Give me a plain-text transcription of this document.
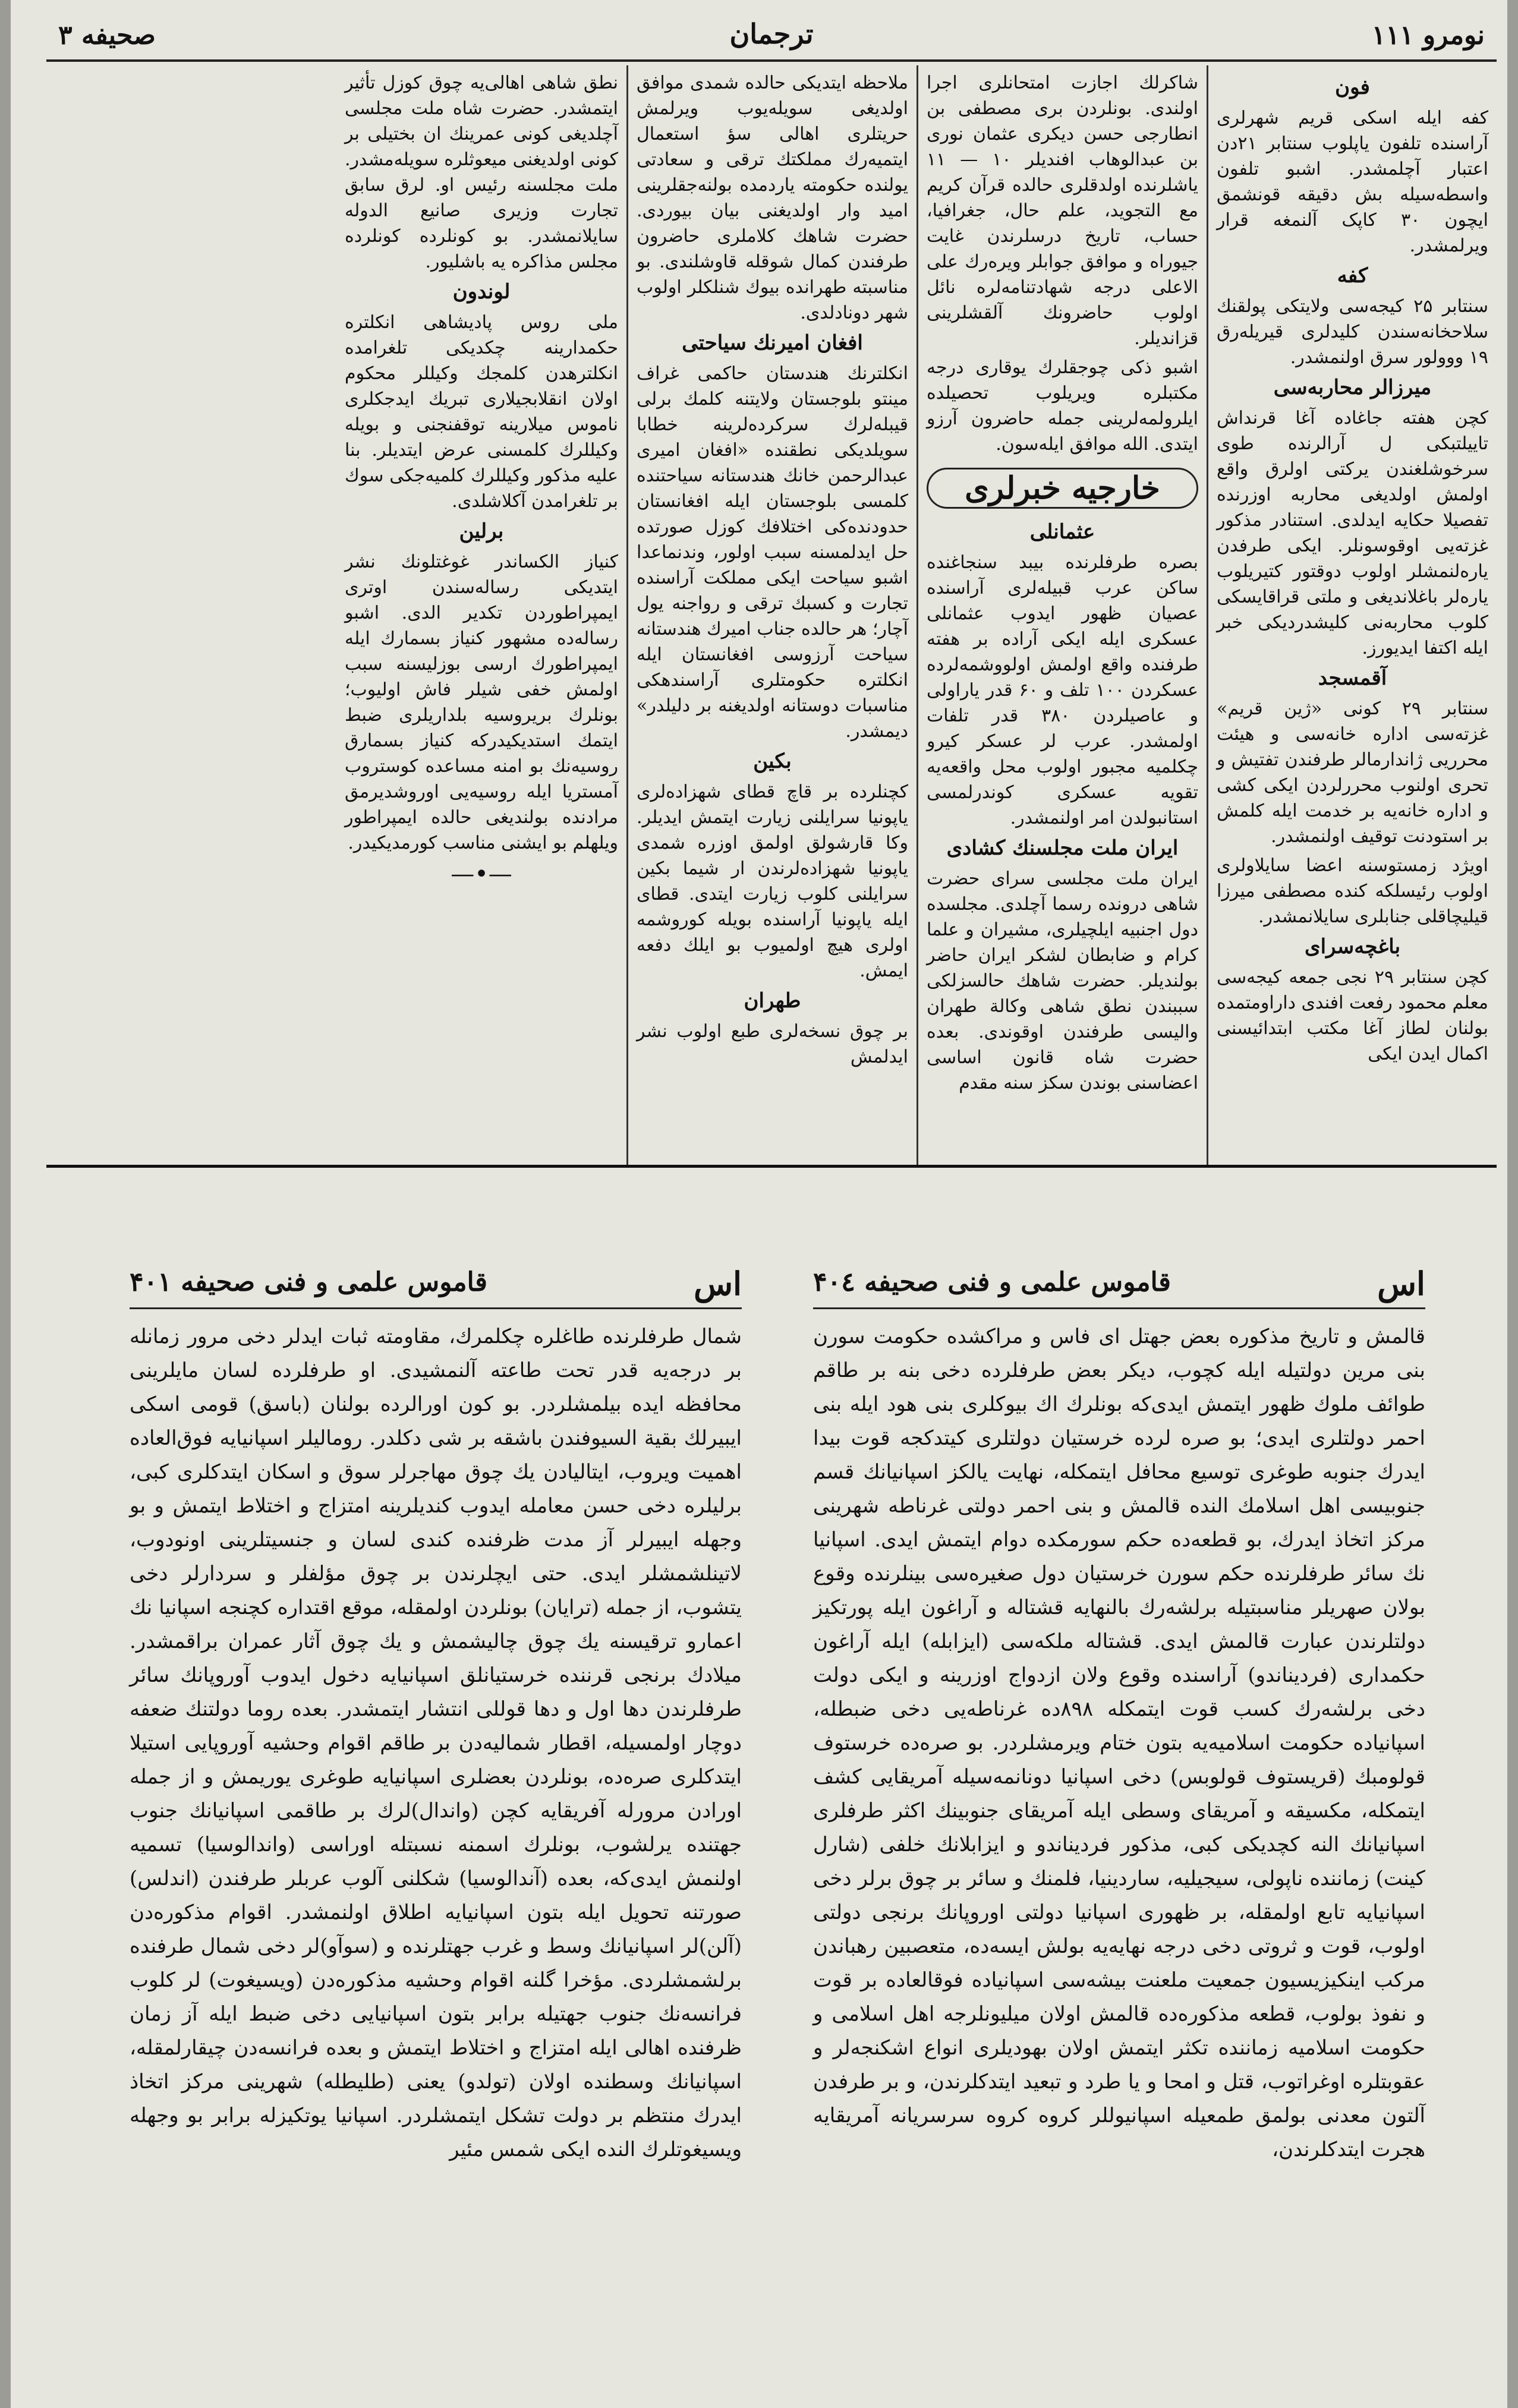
نومرو ۱۱۱
ترجمان
صحیفه ٣
فون

کفه ایله اسکی قریم شهرلری آراسنده تلفون یاپلوب سنتابر ۲۱دن اعتبار آچلمشدر. اشبو تلفون واسطه‌سیله بش دقیقه قونشمق ایچون ۳۰ کاپک آلنمغه قرار ویرلمشدر.

کفه

سنتابر ۲۵ کیجه‌سی ولایتکی پولقنك سلاحخانه‌سندن کلیدلری قیریله‌رق ۱۹ ووولور سرق اولنمشدر.

میرزالر محاربه‌سی

کچن هفته جاغاده آغا قرنداش تاییلتبکی ل آرالرنده طوی سرخوشلغندن یرکتی اولرق واقع اولمش اولدیغی محاربه اوزرنده تفصیلا حکایه ایدلدی. استنادر مذکور غزته‌یی اوقوسونلر. ایکی طرفدن یاره‌لنمشلر اولوب دوقتور کتیریلوب یاره‌لر باغلاندیغی و ملتی قراقایسکی کلوب محاربه‌نی کلیشدردیکی خبر ایله اکتفا ایدیورز.

آقمسجد

سنتابر ۲۹ کونی «ژین قریم» غزته‌سی اداره خانه‌سی و هیئت محرریی ژاندارمالر طرفندن تفتیش و تحری اولنوب محررلردن ایکی کشی و اداره خانه‌یه بر خدمت ایله کلمش بر استودنت توقیف اولنمشدر.

اویژد زمستوسنه اعضا سایلاولری اولوب رئیسلکه کنده مصطفی میرزا قیلیچاقلی جنابلری سایلانمشدر.

باغچه‌سرای

کچن سنتابر ۲۹ نجی جمعه کیجه‌سی معلم محمود رفعت افندی داراومتمده بولنان لطاز آغا مکتب ابتدائیسنی اکمال ایدن ایکی

شاکرلك اجازت امتحانلری اجرا اولندی. بونلردن بری مصطفی بن انطارجی حسن دیکری عثمان نوری بن عبدالوهاب افندیلر ۱۰ — ۱۱ یاشلرنده اولدقلری حالده قرآن کریم مع التجوید، علم حال، جغرافیا، حساب، تاریخ درسلرندن غایت جیوراه و موافق جوابلر ویره‌رك علی الاعلی درجه شهادتنامه‌لره نائل اولوب حاضرونك آلقشلرینی قزاندیلر.

اشبو ذکی چوجقلرك یوقاری درجه مکتبلره ویریلوب تحصیلده ایلرولمه‌لرینی جمله حاضرون آرزو ایتدی. الله موافق ایله‌سون.

خارجیه خبرلری
عثمانلی

بصره طرفلرنده بیبد سنجاغنده ساکن عرب قبیله‌لری آراسنده عصیان ظهور ایدوب عثمانلی عسکری ایله ایکی آراده بر هفته طرفنده واقع اولمش اولووشمه‌لرده عسکردن ۱۰۰ تلف و ۶۰ قدر یاراولی و عاصیلردن ۳۸۰ قدر تلفات اولمشدر. عرب لر عسکر کیرو چکلمیه مجبور اولوب محل واقعه‌یه تقویه عسکری کوندرلمسی استانبولدن امر اولنمشدر.

ایران ملت مجلسنك کشادی

ایران ملت مجلسی سرای حضرت شاهی درونده رسما آچلدی. مجلسده دول اجنبیه ایلچیلری، مشیران و علما کرام و ضابطان لشکر ایران حاضر بولندیلر. حضرت شاهك حالسزلکی سببندن نطق شاهی وکالة طهران والیسی طرفندن اوقوندی. بعده حضرت شاه قانون اساسی اعضاسنی بوندن سکز سنه مقدم

ملاحظه ایتدیکی حالده شمدی موافق اولدیغی سویله‌یوب ویرلمش حریتلری اهالی سؤ استعمال ایتمیه‌رك مملکتك ترقی و سعادتی یولنده حکومته یاردمده بولنه‌جقلرینی امید وار اولدیغنی بیان بیوردی. حضرت شاهك کلاملری حاضرون طرفندن کمال شوقله قاوشلندی. بو مناسبته طهرانده بیوك شنلکلر اولوب شهر دونادلدی.

افغان امیرنك سیاحتی

انکلترنك هندستان حاکمی غراف مینتو بلوجستان ولایتنه کلمك برلی قیبله‌لرك سرکرده‌لرینه خطابا سویلدیکی نطقنده «افغان امیری عبدالرحمن خانك هندستانه سیاحتنده کلمسی بلوجستان ایله افغانستان حدودنده‌کی اختلافك کوزل صورتده حل ایدلمسنه سبب اولور، وندنماعدا اشبو سیاحت ایکی مملکت آراسنده تجارت و کسبك ترقی و رواجنه یول آچار؛ هر حالده جناب امیرك هندستانه سیاحت آرزوسی افغانستان ایله انکلتره حکومتلری آراسندهکی مناسبات دوستانه اولدیغنه بر دلیلدر» دیمشدر.

بکین

کچنلرده بر قاچ قطای شهزاده‌لری یاپونیا سرایلنی زیارت ایتمش ایدیلر. وکا قارشولق اولمق اوزره شمدی یاپونیا شهزاده‌لرندن ار شیما بکین سرایلنی کلوب زیارت ایتدی. قطای ایله یاپونیا آراسنده بویله کوروشمه اولری هیچ اولمیوب بو ایلك دفعه ایمش.

طهران

بر چوق نسخه‌لری طبع اولوب نشر ایدلمش

نطق شاهی اهالی‌یه چوق کوزل تأثیر ایتمشدر. حضرت شاه ملت مجلسی آچلدیغی کونی عمرینك ان بختیلی بر کونی اولدیغنی میعوثلره سویله‌مشدر. ملت مجلسنه رئیس او. لرق سابق تجارت وزیری صانیع الدوله سایلانمشدر. بو کونلرده کونلرده مجلس مذاکره یه باشلیور.

لوندون

ملی روس پادیشاهی انکلتره حکمدارینه چکدیکی تلغرامده انکلترهدن کلمجك وکیللر محکوم اولان انقلابجیلاری تبریك ایدجکلری ناموس میلارینه توقفنجنی و بویله وکیللرك کلمسنی عرض ایتدیلر. بنا علیه مذکور وکیللرك کلمیه‌جکی سوك بر تلغرامدن آکلاشلدی.

برلین

کنیاز الکساندر غوغتلونك نشر ایتدیکی رساله‌سندن اوتری ایمپراطوردن تکدیر الدی. اشبو رساله‌ده مشهور کنیاز بسمارك ایله ایمپراطورك ارسی بوزلیسنه سبب اولمش خفی شیلر فاش اولیوب؛ بونلرك بریروسیه بلداریلری ضبط ایتمك استدیکیدرکه کنیاز بسمارق روسیه‌نك بو امنه مساعده کوستروب آمستریا ایله روسیه‌یی اوروشدیرمق مرادنده بولندیغی حالده ایمپراطور ویلهلم بو ایشنی مناسب کورمدیکیدر.

—•—
اس
قاموس علمی و فنی صحیفه ۴۰٤

قالمش و تاریخ مذکوره بعض جهتل ای فاس و مراکشده حکومت سورن بنی مرین دولتیله ایله کچوب، دیکر بعض طرفلرده دخی بنه بر طاقم طوائف ملوك ظهور ایتمش ایدی‌که بونلرك اك بیوکلری بنی هود ایله بنی احمر دولتلری ایدی؛ بو صره لرده خرستیان دولتلری کیتدکجه قوت بیدا ایدرك جنوبه طوغری توسیع محافل ایتمکله، نهایت یالکز اسپانیانك قسم جنوبیسی اهل اسلامك النده قالمش و بنی احمر دولتی غرناطه شهرینی مرکز اتخاذ ایدرك، بو قطعه‌ده حکم سورمکده دوام ایتمش ایدی. اسپانیا نك سائر طرفلرنده حکم سورن خرستیان دول صغیره‌سی بینلرنده وقوع بولان صهریلر مناسبتیله برلشه‌رك بالنهایه قشتاله و آراغون ایله پورتکیز دولتلرندن عبارت قالمش ایدی. قشتاله ملکه‌سی (ایزابله) ایله آراغون حکمداری (فردیناندو) آراسنده وقوع ولان ازدواج اوزرینه و ایکی دولت دخی برلشه‌رك کسب قوت ایتمکله ۸۹۸ده غرناطه‌یی دخی ضبطله، اسپانیاده حکومت اسلامیه‌یه بتون ختام ویرمشلردر. بو صره‌ده خرستوف قولومبك (قریستوف قولوبس) دخی اسپانیا دونانمه‌سیله آمریقایی کشف ایتمکله، مکسیقه و آمریقای وسطی ایله آمریقای جنوبینك اکثر طرفلری اسپانیانك النه کچدیکی کبی، مذکور فردیناندو و ایزابلانك خلفی (شارل کینت) زماننده ناپولی، سیجیلیه، ساردینیا، فلمنك و سائر بر چوق برلر دخی اسپانیایه تابع اولمقله، بر ظهوری اسپانیا دولتی اوروپانك برنجی دولتی اولوب، قوت و ثروتی دخی درجه نهایه‌یه بولش ایسه‌ده، متعصبین رهباندن مرکب اینکیزیسیون جمعیت ملعنت بیشه‌سی اسپانیاده فوقالعاده بر قوت و نفوذ بولوب، قطعه مذکوره‌ده قالمش اولان میلیونلرجه اهل اسلامی و حکومت اسلامیه زماننده تکثر ایتمش اولان بهودیلری انواع اشکنجه‌لر و عقوبتلره اوغراتوب، قتل و امحا و یا طرد و تبعید ایتدکلرندن، و بر طرفدن آلتون معدنی بولمق طمعیله اسپانیوللر کروه کروه سرسریانه آمریقایه هجرت ایتدکلرندن،

اس
قاموس علمی و فنی صحیفه ۴۰۱

شمال طرفلرنده طاغلره چکلمرك، مقاومته ثبات ایدلر دخی مرور زمانله بر درجه‌یه قدر تحت طاعته آلنمشیدی. او طرفلرده لسان مایلرینی محافظه ایده بیلمشلردر. بو کون اورالرده بولنان (باسق) قومی اسکی ایبیرلك بقیة السیوفندن باشقه بر شی دکلدر. رومالیلر اسپانیایه فوق‌العاده اهمیت ویروب، ایتالیادن یك چوق مهاجرلر سوق و اسکان ایتدکلری کبی، برلیلره دخی حسن معامله ایدوب کندیلرینه امتزاج و اختلاط ایتمش و بو وجهله ایبیرلر آز مدت ظرفنده کندی لسان و جنسیتلرینی اونودوب، لاتینلشمشلر ایدی. حتی ایچلرندن بر چوق مؤلفلر و سردارلر دخی یتشوب، از جمله (ترایان) بونلردن اولمقله، موقع اقتداره کچنجه اسپانیا نك اعمارو ترقیسنه یك چوق چالیشمش و یك چوق آثار عمران براقمشدر. میلادك برنجی قرننده خرستیانلق اسپانیایه دخول ایدوب آوروپانك سائر طرفلرندن دها اول و دها قوللی انتشار ایتمشدر. بعده روما دولتنك ضعفه دوچار اولمسیله، اقطار شمالیه‌دن بر طاقم اقوام وحشیه آوروپایی استیلا ایتدکلری صره‌ده، بونلردن بعضلری اسپانیایه طوغری یوریمش و از جمله اورادن مرورله آفریقایه کچن (واندال)لرك بر طاقمی اسپانیانك جنوب جهتنده یرلشوب، بونلرك اسمنه نسبتله اوراسی (واندالوسیا) تسمیه اولنمش ایدی‌که، بعده (آندالوسیا) شکلنی آلوب عربلر طرفندن (اندلس) صورتنه تحویل ایله بتون اسپانیایه اطلاق اولنمشدر. اقوام مذکوره‌دن (آلن)لر اسپانیانك وسط و غرب جهتلرنده و (سوآو)لر دخی شمال طرفنده برلشمشلردی. مؤخرا گلنه اقوام وحشیه مذکوره‌دن (ویسیغوت) لر کلوب فرانسه‌نك جنوب جهتیله برابر بتون اسپانیایی دخی ضبط ایله آز زمان ظرفنده اهالی ایله امتزاج و اختلاط ایتمش و بعده فرانسه‌دن چیقارلمقله، اسپانیانك وسطنده اولان (تولدو) یعنی (طلیطله) شهرینی مرکز اتخاذ ایدرك منتظم بر دولت تشکل ایتمشلردر. اسپانیا یوتکیزله برابر بو وجهله ویسیغوتلرك النده ایکی شمس مئیر
